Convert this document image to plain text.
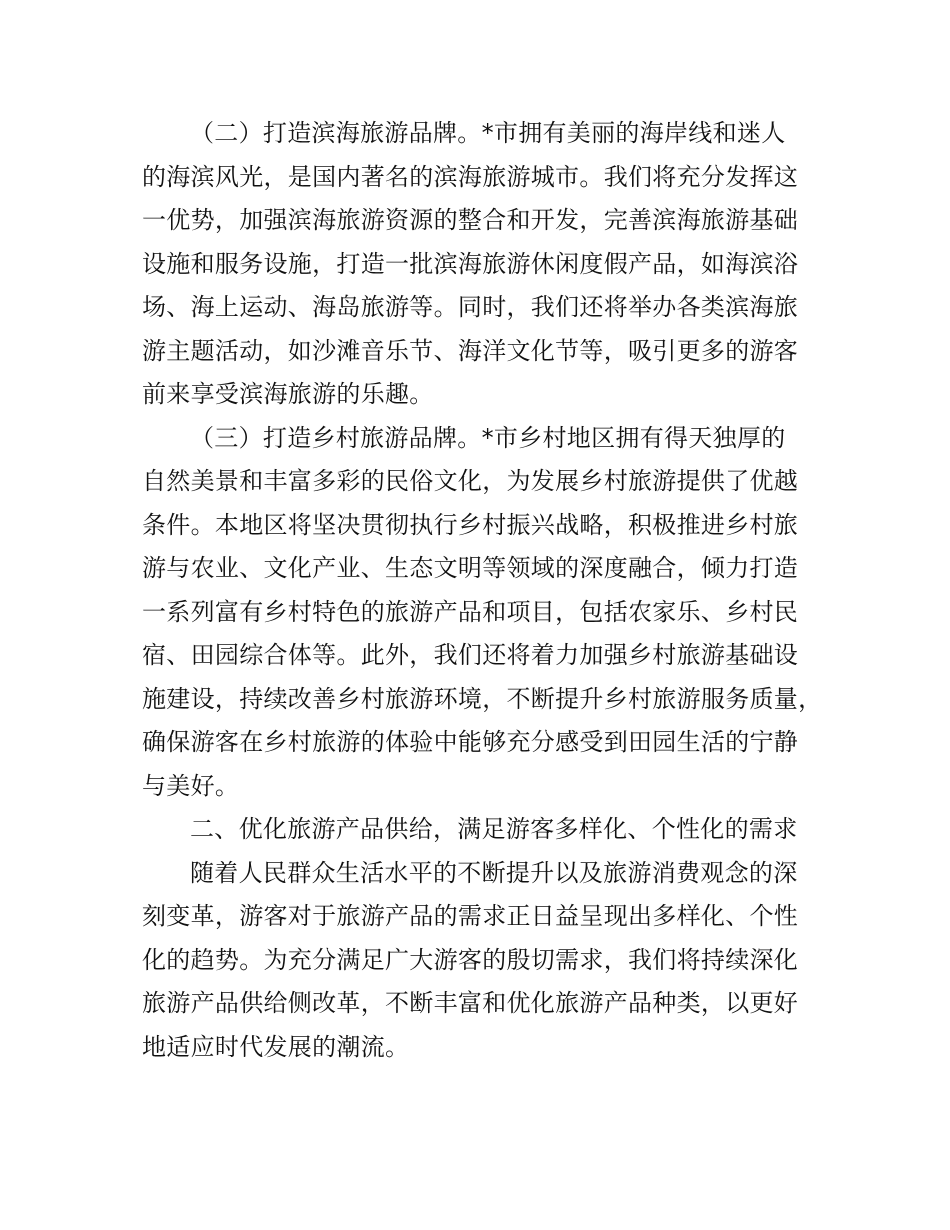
（二）打造滨海旅游品牌。*市拥有美丽的海岸线和迷人
的海滨风光，是国内著名的滨海旅游城市。我们将充分发挥这
一优势，加强滨海旅游资源的整合和开发，完善滨海旅游基础
设施和服务设施，打造一批滨海旅游休闲度假产品，如海滨浴
场、海上运动、海岛旅游等。同时，我们还将举办各类滨海旅
游主题活动，如沙滩音乐节、海洋文化节等，吸引更多的游客
前来享受滨海旅游的乐趣。
（三）打造乡村旅游品牌。*市乡村地区拥有得天独厚的
自然美景和丰富多彩的民俗文化，为发展乡村旅游提供了优越
条件。本地区将坚决贯彻执行乡村振兴战略，积极推进乡村旅
游与农业、文化产业、生态文明等领域的深度融合，倾力打造
一系列富有乡村特色的旅游产品和项目，包括农家乐、乡村民
宿、田园综合体等。此外，我们还将着力加强乡村旅游基础设
施建设，持续改善乡村旅游环境，不断提升乡村旅游服务质量，
确保游客在乡村旅游的体验中能够充分感受到田园生活的宁静
与美好。
二、优化旅游产品供给，满足游客多样化、个性化的需求
随着人民群众生活水平的不断提升以及旅游消费观念的深
刻变革，游客对于旅游产品的需求正日益呈现出多样化、个性
化的趋势。为充分满足广大游客的殷切需求，我们将持续深化
旅游产品供给侧改革，不断丰富和优化旅游产品种类，以更好
地适应时代发展的潮流。
